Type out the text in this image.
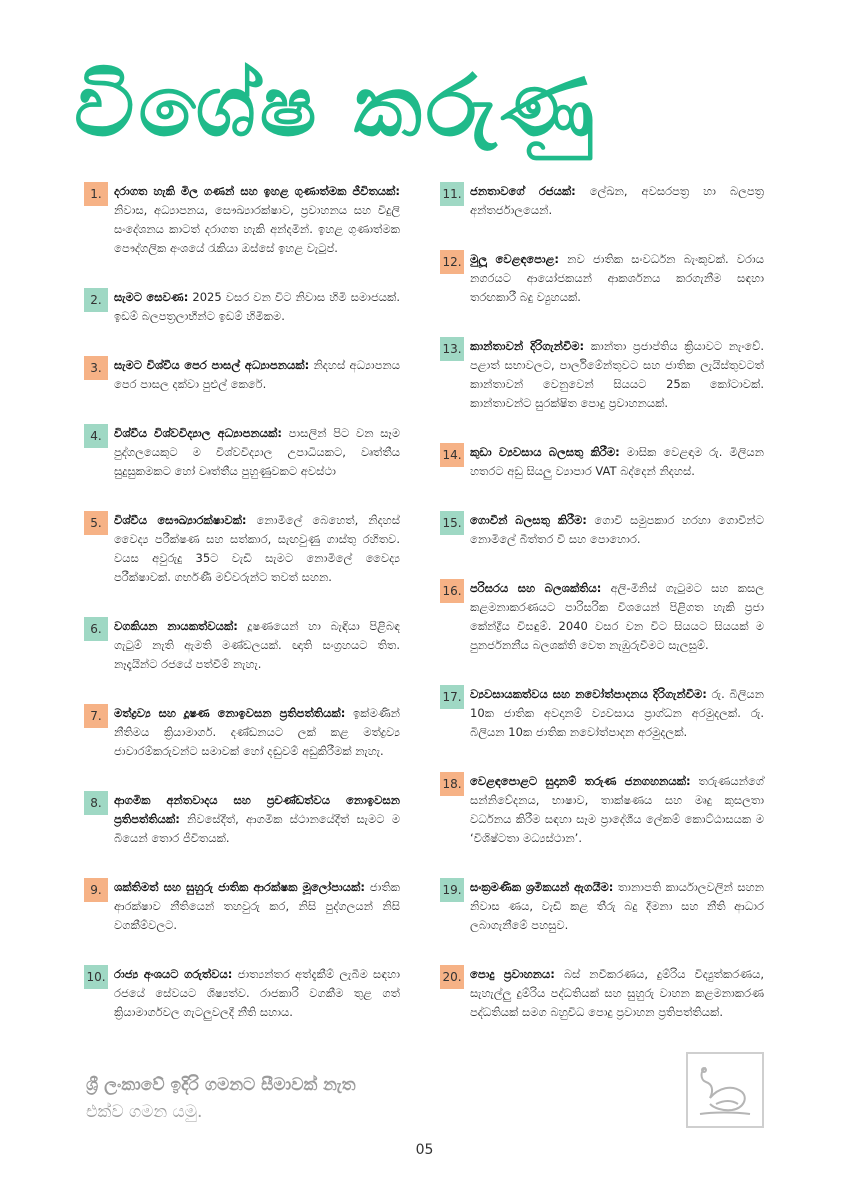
විශේෂ කරුණු
1.	දරාගත හැකි මිල ගණන් සහ ඉහළ ගුණාත්මක ජීවිතයක්: නිවාස, අධ්‍යාපනය, සෞඛ්‍යාරක්ෂාව, ප්‍රවාහනය සහ විදුලි සංදේශනය කාටත් දරාගත හැකි අන්දමින්. ඉහළ ගුණාත්මක පෞද්ගලික අංශයේ රැකියා ඔස්සේ ඉහළ වැටුප්.
2.	සැමට සෙවණ: 2025 වසර වන විට නිවාස හිමි සමාජයක්. ඉඩම් බලපත්‍රලාභීන්ට ඉඩම් හිමිකම.
3.	සැමට විශ්වීය පෙර පාසල් අධ්‍යාපනයක්: නිදහස් අධ්‍යාපනය පෙර පාසල දක්වා පුළුල් කෙරේ.
4.	විශ්වීය විශ්වවිද්‍යාල අධ්‍යාපනයක්: පාසලින් පිට වන සෑම පුද්ගලයෙකුට ම විශ්වවිද්‍යාල උපාධියකට, වෘත්තීය සුදුසුකමකට හෝ වෘත්තීය පුහුණුවකට අවස්ථා
5.	විශ්වීය සෞඛ්‍යාරක්ෂාවක්: නොමිලේ බෙහෙත්, නිදහස් වෛද්‍ය පරීක්ෂණ සහ සත්කාර, සැඟවුණු ගාස්තු රහිතව. වයස අවුරුදු 35ට වැඩි සැමට නොමිලේ වෛද්‍ය පරීක්ෂාවක්. ගර්භණී මව්වරුන්ට තවත් සහන.
6.	වගකියන නායකත්වයක්: දූෂණයෙන් හා බැඳියා පිළිබඳ ගැටුම් නැති ඇමති මණ්ඩලයක්. ඥාති සංග්‍රහයට තිත. නෑදෑයින්ට රජයේ පත්වීම් නැහැ.
7.	මත්ද්‍රව්‍ය සහ දූෂණ නොඉවසන ප්‍රතිපත්තියක්: ඉක්මණින් නීතිමය ක්‍රියාමාර්ග. දණ්ඩනයට ලක් කළ මත්ද්‍රව්‍ය ජාවාරම්කරුවන්ට සමාවක් හෝ දඬුවම් අඩුකිරීමක් නැහැ.
8.	ආගමික අන්තවාදය සහ ප්‍රචණ්ඩත්වය නොඉවසන ප්‍රතිපත්තියක්: නිවසේදීත්, ආගමික ස්ථානයේදීත් සැමට ම බියෙන් තොර ජීවිතයක්.
9.	ශක්තිමත් සහ සුහුරු ජාතික ආරක්ෂක මූලෝපායක්: ජාතික ආරක්ෂාව නීතියෙන් තහවුරු කර, නිසි පුද්ගලයන් නිසි වගකීම්වලට.
10. රාජ්‍ය අංශයට ගරුත්වය: ජාත්‍යන්තර අත්දැකීම් ලැබීම සඳහා රජයේ සේවයට ශිෂ්‍යත්ව. රාජකාරි වගකීම තුළ ගත් ක්‍රියාමාර්ගවල ගැටලුවලදී නීති සහාය.
11. ජනතාවගේ රජයක්: ලේඛන, අවසරපත්‍ර හා බලපත්‍ර අන්තර්ජාලයෙන්.
12. මුලූ වෙළඳපොළ: නව ජාතික සංවර්ධන බැංකුවක්. වරාය නගරයට ආයෝජකයන් ආකර්ශනය කරගැනීම සඳහා තරඟකාරී බදු ව්‍යුහයක්.
13. කාන්තාවන් දිරිගැන්වීම: කාන්තා ප්‍රජාප්තිය ක්‍රියාවට නැංවේ. පළාත් සභාවලට, පාර්ලිමේන්තුවට සහ ජාතික ලැයිස්තුවටත් කාන්තාවන් වෙනුවෙන් සියයට 25ක කෝටාවක්. කාන්තාවන්ට සුරක්ෂිත පොදු ප්‍රවාහනයක්.
14. කුඩා ව්‍යවසාය බලසතු කිරීම: මාසික වෙළඳාම රු. මිලියන හතරට අඩු සියලු ව්‍යාපාර VAT බද්දෙන් නිදහස්.
15. ගොවීන් බලසතු කිරීම: ගොවි සමුපකාර හරහා ගොවීන්ට නොමිලේ බීත්තර වී සහ පොහොර.
16. පරිසරය සහ බලශක්තිය: අලි-මිනිස් ගැටුමට සහ කසල කළමනාකරණයට පාරිසරික විශයෙන් පිළිගත හැකි ප්‍රජා කේන්ද්‍රීය විසඳුම්. 2040 වසර වන විට සියයට සියයක් ම පුනර්ජනනීය බලශක්ති වෙත නැඹුරුවීමට සැලසුම්.
17. ව්‍යවසායකත්වය සහ නවෝත්පාදනය දිරිගැන්වීම: රු. බිලියන 10ක ජාතික අවදානම් ව්‍යවසාය ප්‍රාග්ධන අරමුදලක්. රු. බිලියන 10ක ජාතික නවෝත්පාදන අරමුදලක්.
18. වෙළඳපොළට සුදානම් තරුණ ජනගහනයක්: තරුණයන්ගේ සන්නිවේදනය, භාෂාව, තාක්ෂණය සහ මෘදු කුසලතා වර්ධනය කිරීම සඳහා සෑම ප්‍රාදේශීය ලේකම් කොට්ඨාසයක ම ‘විශිෂ්ටතා මධ්‍යස්ථාන’.
19. සංක්‍රමණික ශ්‍රමිකයන් ඇගයීම: තානාපති කාර්යාලවලින් සහන නිවාස ණය, වැඩි කළ තීරු බදු දීමනා සහ නීති ආධාර ලබාගැනීමේ පහසුව.
20. පොදු ප්‍රවාහනය: බස් නවීකරණය, දුම්රිය විද්‍යුත්කරණය, සැහැල්ලු දුම්රිය පද්ධතියක් සහ සුහුරු වාහන කළමනාකරණ පද්ධතියක් සමග බහුවිධ පොදු ප්‍රවාහන ප්‍රතිපත්තියක්.
ශ්‍රී ලංකාවේ ඉදිරි ගමනට සීමාවක් නැත
එක්ව ගමන යමු.
05
